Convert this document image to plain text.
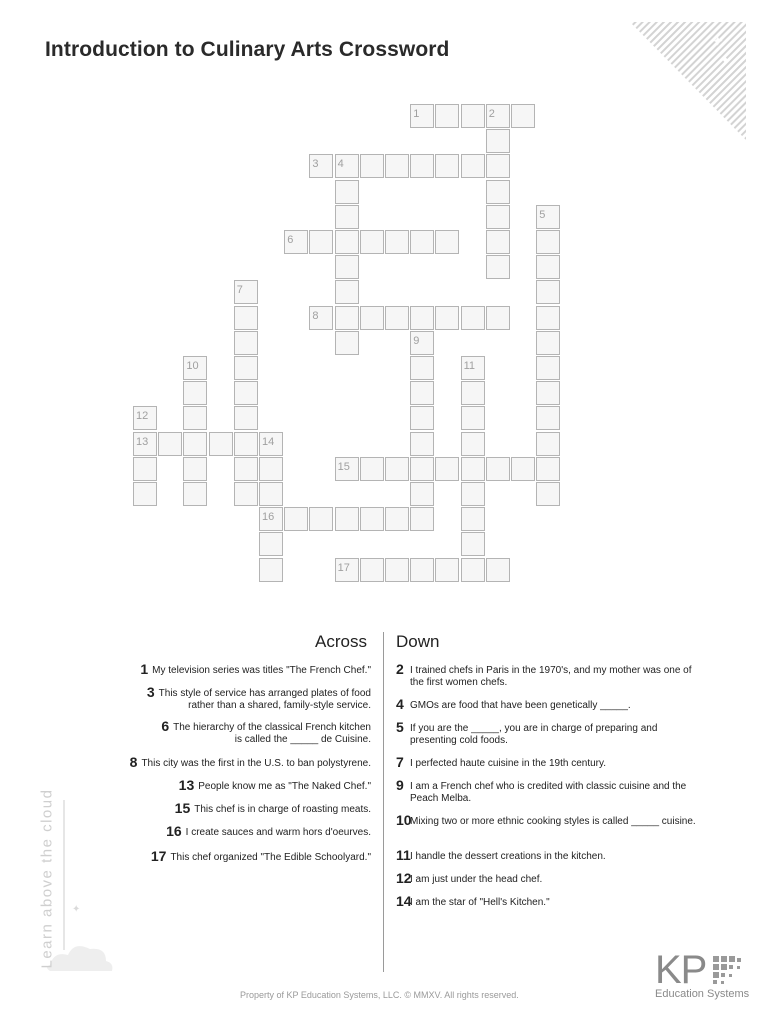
Introduction to Culinary Arts Crossword	✦
✦
1	2
3 4
6
8
13	14
15
16
17
5
7
9
10	11
12
Across Down
1 My television series was titles "The French Chef."
3 This style of service has arranged plates of food
rather than a shared, family-style service.
6 The hierarchy of the classical French kitchen
is called the _____ de Cuisine.
8 This city was the first in the U.S. to ban polystyrene.
13 People know me as "The Naked Chef."
15 This chef is in charge of roasting meats.
16 I create sauces and warm hors d'oeurves.
17 This chef organized "The Edible Schoolyard."
2 I trained chefs in Paris in the 1970's, and my mother was one of the first women chefs.
4 GMOs are food that have been genetically _____.
5 If you are the _____, you are in charge of preparing and presenting cold foods.
7 I perfected haute cuisine in the 19th century.
9 I am a French chef who is credited with classic cuisine and the Peach Melba.
10
Mixing two or more ethnic cooking styles is called _____ cuisine.
11 I handle the dessert creations in the kitchen.
12
I am just under the head chef.
14
I am the star of "Hell's Kitchen."
✦
Learn above the cloud
Property of KP Education Systems, LLC. © MMXV. All rights reserved.
KP
Education Systems
